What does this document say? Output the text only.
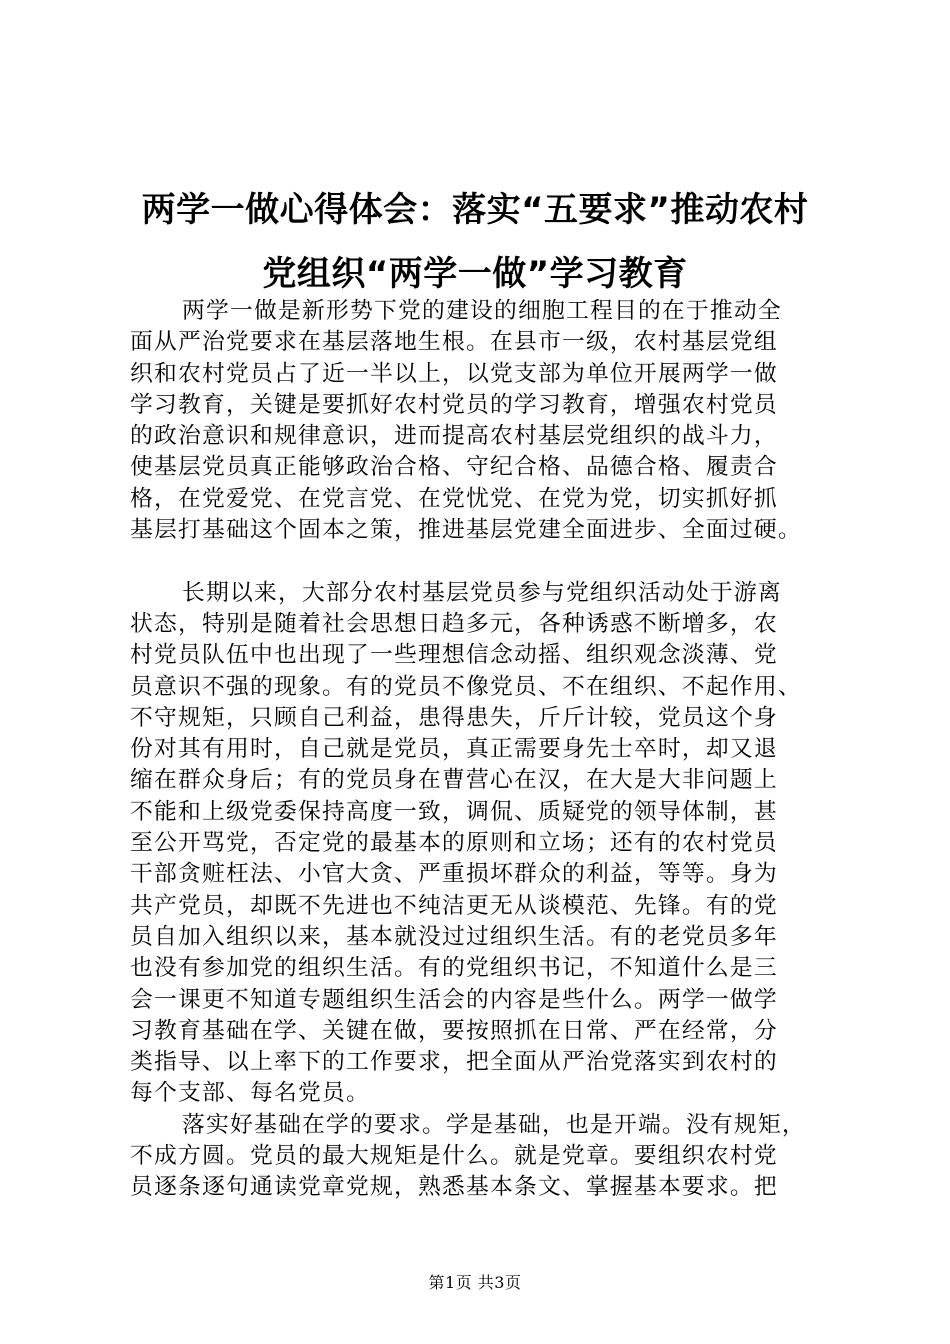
两学一做心得体会：落实“五要求”推动农村
党组织“两学一做”学习教育
两学一做是新形势下党的建设的细胞工程目的在于推动全
面从严治党要求在基层落地生根。在县市一级，农村基层党组
织和农村党员占了近一半以上，以党支部为单位开展两学一做
学习教育，关键是要抓好农村党员的学习教育，增强农村党员
的政治意识和规律意识，进而提高农村基层党组织的战斗力，
使基层党员真正能够政治合格、守纪合格、品德合格、履责合
格，在党爱党、在党言党、在党忧党、在党为党，切实抓好抓
基层打基础这个固本之策，推进基层党建全面进步、全面过硬。
长期以来，大部分农村基层党员参与党组织活动处于游离
状态，特别是随着社会思想日趋多元，各种诱惑不断增多，农
村党员队伍中也出现了一些理想信念动摇、组织观念淡薄、党
员意识不强的现象。有的党员不像党员、不在组织、不起作用、
不守规矩，只顾自己利益，患得患失，斤斤计较，党员这个身
份对其有用时，自己就是党员，真正需要身先士卒时，却又退
缩在群众身后；有的党员身在曹营心在汉，在大是大非问题上
不能和上级党委保持高度一致，调侃、质疑党的领导体制，甚
至公开骂党，否定党的最基本的原则和立场；还有的农村党员
干部贪赃枉法、小官大贪、严重损坏群众的利益，等等。身为
共产党员，却既不先进也不纯洁更无从谈模范、先锋。有的党
员自加入组织以来，基本就没过过组织生活。有的老党员多年
也没有参加党的组织生活。有的党组织书记，不知道什么是三
会一课更不知道专题组织生活会的内容是些什么。两学一做学
习教育基础在学、关键在做，要按照抓在日常、严在经常，分
类指导、以上率下的工作要求，把全面从严治党落实到农村的
每个支部、每名党员。
落实好基础在学的要求。学是基础，也是开端。没有规矩，
不成方圆。党员的最大规矩是什么。就是党章。要组织农村党
员逐条逐句通读党章党规，熟悉基本条文、掌握基本要求。把
第1页 共3页
